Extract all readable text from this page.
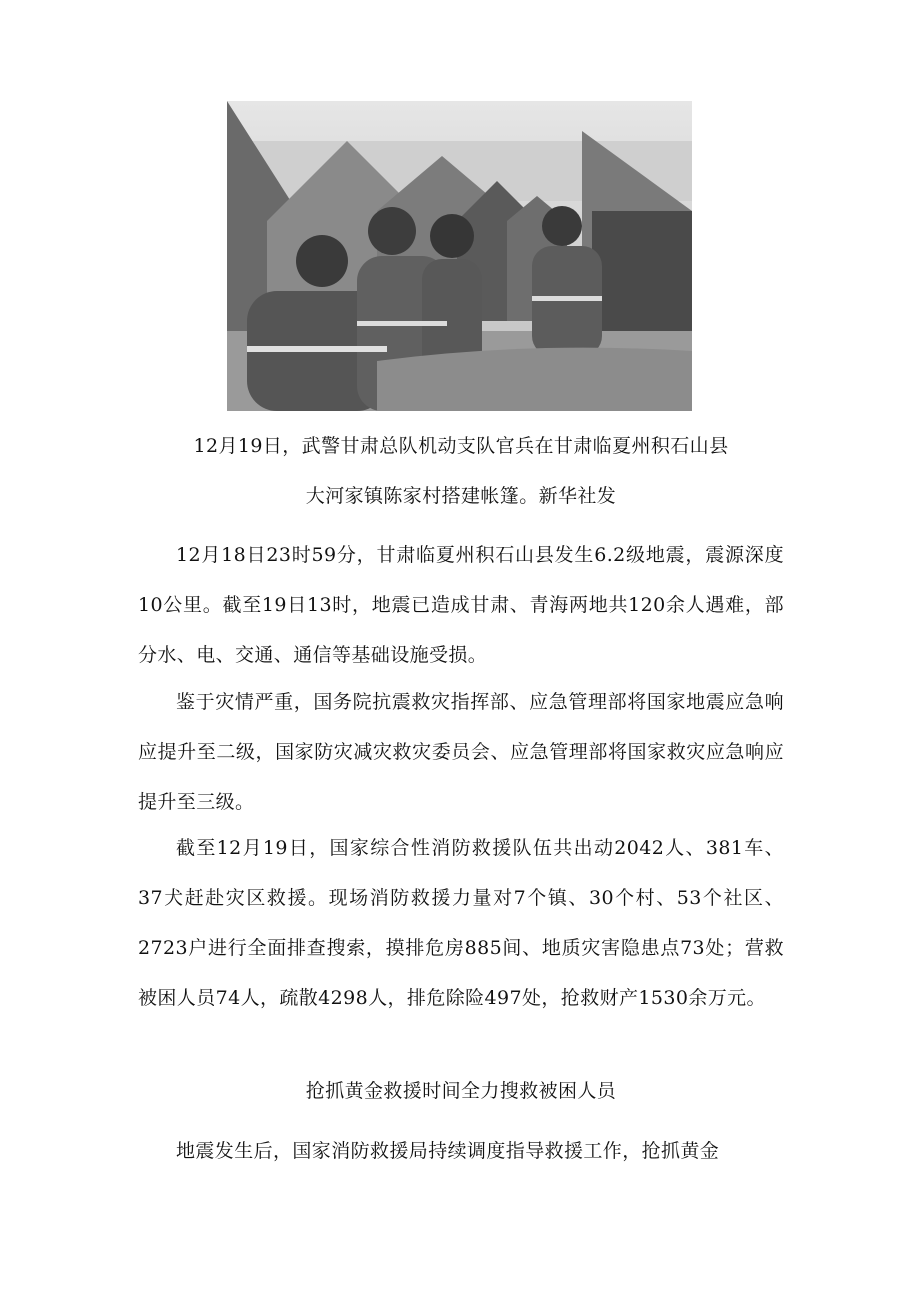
12月19日，武警甘肃总队机动支队官兵在甘肃临夏州积石山县
大河家镇陈家村搭建帐篷。新华社发

12月18日23时59分，甘肃临夏州积石山县发生6.2级地震，震源深度10公里。截至19日13时，地震已造成甘肃、青海两地共120余人遇难，部分水、电、交通、通信等基础设施受损。

鉴于灾情严重，国务院抗震救灾指挥部、应急管理部将国家地震应急响应提升至二级，国家防灾减灾救灾委员会、应急管理部将国家救灾应急响应提升至三级。

截至12月19日，国家综合性消防救援队伍共出动2042人、381车、37犬赶赴灾区救援。现场消防救援力量对7个镇、30个村、53个社区、2723户进行全面排查搜索，摸排危房885间、地质灾害隐患点73处；营救被困人员74人，疏散4298人，排危除险497处，抢救财产1530余万元。

抢抓黄金救援时间全力搜救被困人员

地震发生后，国家消防救援局持续调度指导救援工作，抢抓黄金
